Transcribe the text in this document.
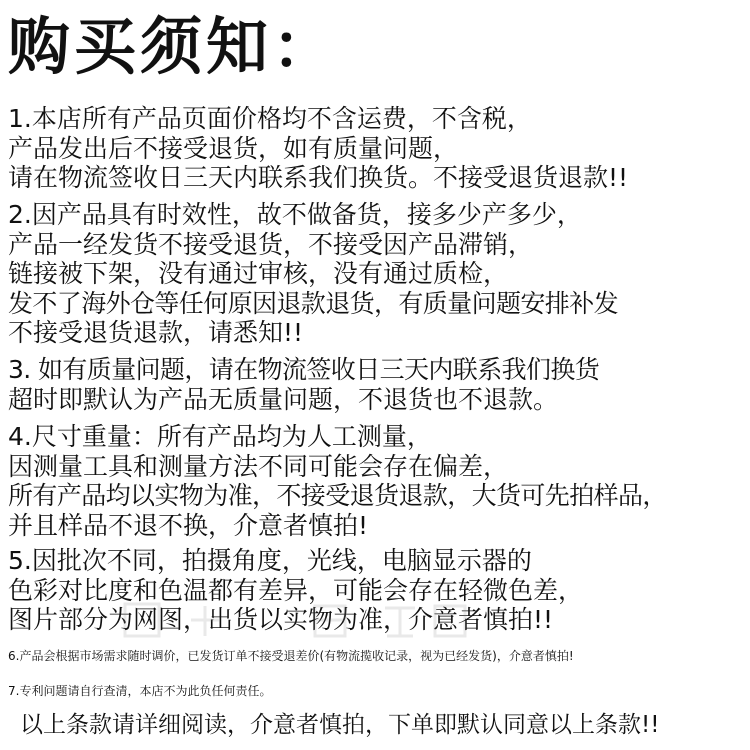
购买须知：
1.本店所有产品页面价格均不含运费，不含税，
产品发出后不接受退货，如有质量问题，
请在物流签收日三天内联系我们换货。不接受退货退款!!
2.因产品具有时效性，故不做备货，接多少产多少，
产品一经发货不接受退货，不接受因产品滞销，
链接被下架，没有通过审核，没有通过质检，
发不了海外仓等任何原因退款退货，有质量问题安排补发
不接受退货退款，请悉知!!
3. 如有质量问题，请在物流签收日三天内联系我们换货
超时即默认为产品无质量问题，不退货也不退款。
4.尺寸重量：所有产品均为人工测量，
因测量工具和测量方法不同可能会存在偏差，
所有产品均以实物为准，不接受退货退款，大货可先拍样品，
并且样品不退不换，介意者慎拍!
5.因批次不同，拍摄角度，光线，电脑显示器的
色彩对比度和色温都有差异，可能会存在轻微色差，
图片部分为网图，出货以实物为准，介意者慎拍!!
6.产品会根据市场需求随时调价，已发货订单不接受退差价(有物流揽收记录，视为已经发货)，介意者慎拍!
7.专利问题请自行查清，本店不为此负任何责任。
以上条款请详细阅读，介意者慎拍，下单即默认同意以上条款!!
